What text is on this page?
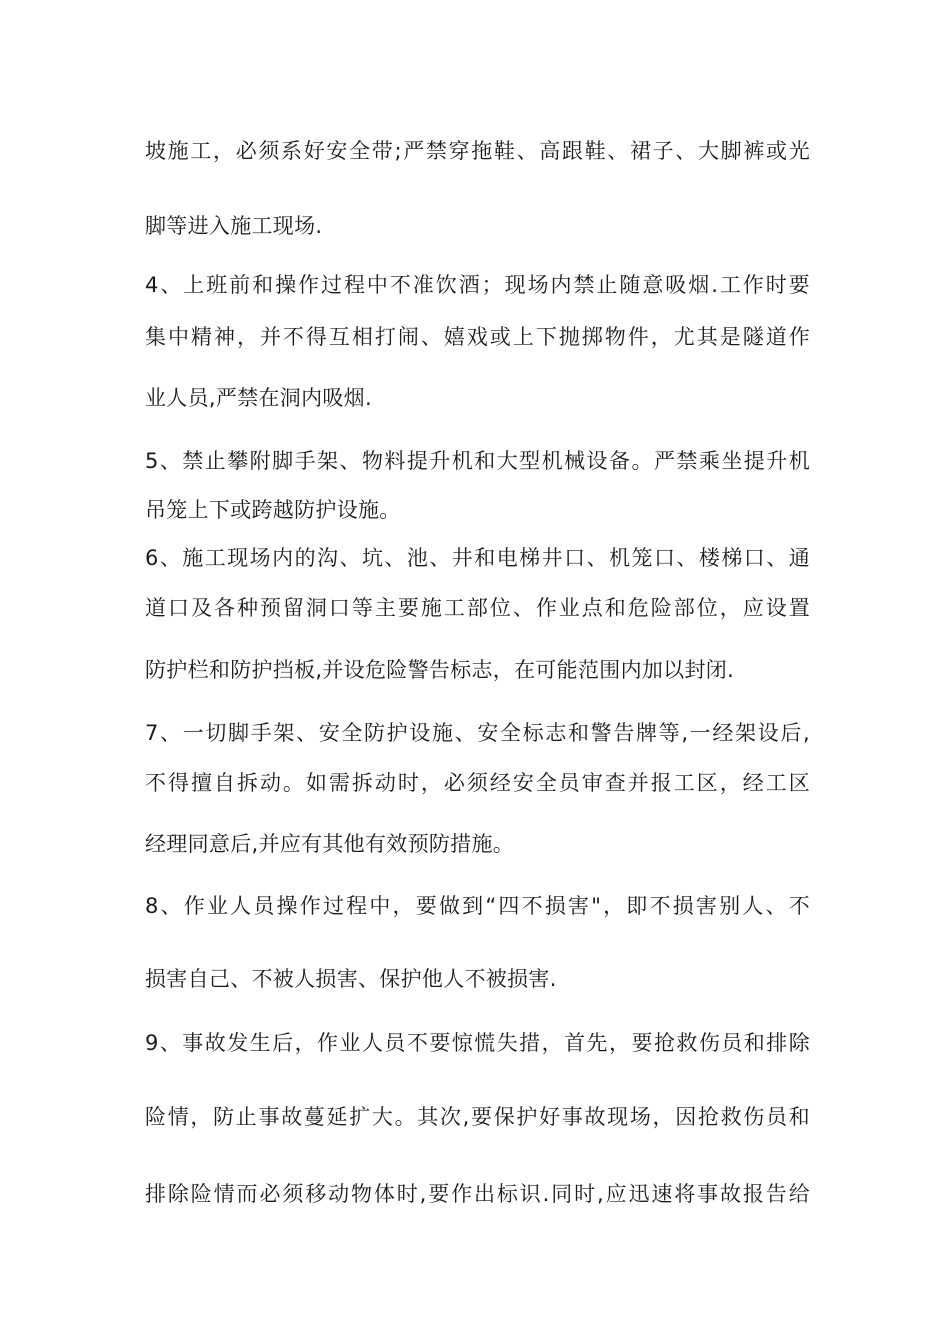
坡施工，必须系好安全带;严禁穿拖鞋、高跟鞋、裙子、大脚裤或光
脚等进入施工现场.
4、上班前和操作过程中不准饮酒；现场内禁止随意吸烟.工作时要
集中精神，并不得互相打闹、嬉戏或上下抛掷物件，尤其是隧道作
业人员,严禁在洞内吸烟.
5、禁止攀附脚手架、物料提升机和大型机械设备。严禁乘坐提升机
吊笼上下或跨越防护设施。
6、施工现场内的沟、坑、池、井和电梯井口、机笼口、楼梯口、通
道口及各种预留洞口等主要施工部位、作业点和危险部位，应设置
防护栏和防护挡板,并设危险警告标志，在可能范围内加以封闭.
7、一切脚手架、安全防护设施、安全标志和警告牌等,一经架设后,
不得擅自拆动。如需拆动时，必须经安全员审查并报工区，经工区
经理同意后,并应有其他有效预防措施。
8、作业人员操作过程中，要做到“四不损害"，即不损害别人、不
损害自己、不被人损害、保护他人不被损害.
9、事故发生后，作业人员不要惊慌失措，首先，要抢救伤员和排除
险情，防止事故蔓延扩大。其次,要保护好事故现场，因抢救伤员和
排除险情而必须移动物体时,要作出标识.同时,应迅速将事故报告给
